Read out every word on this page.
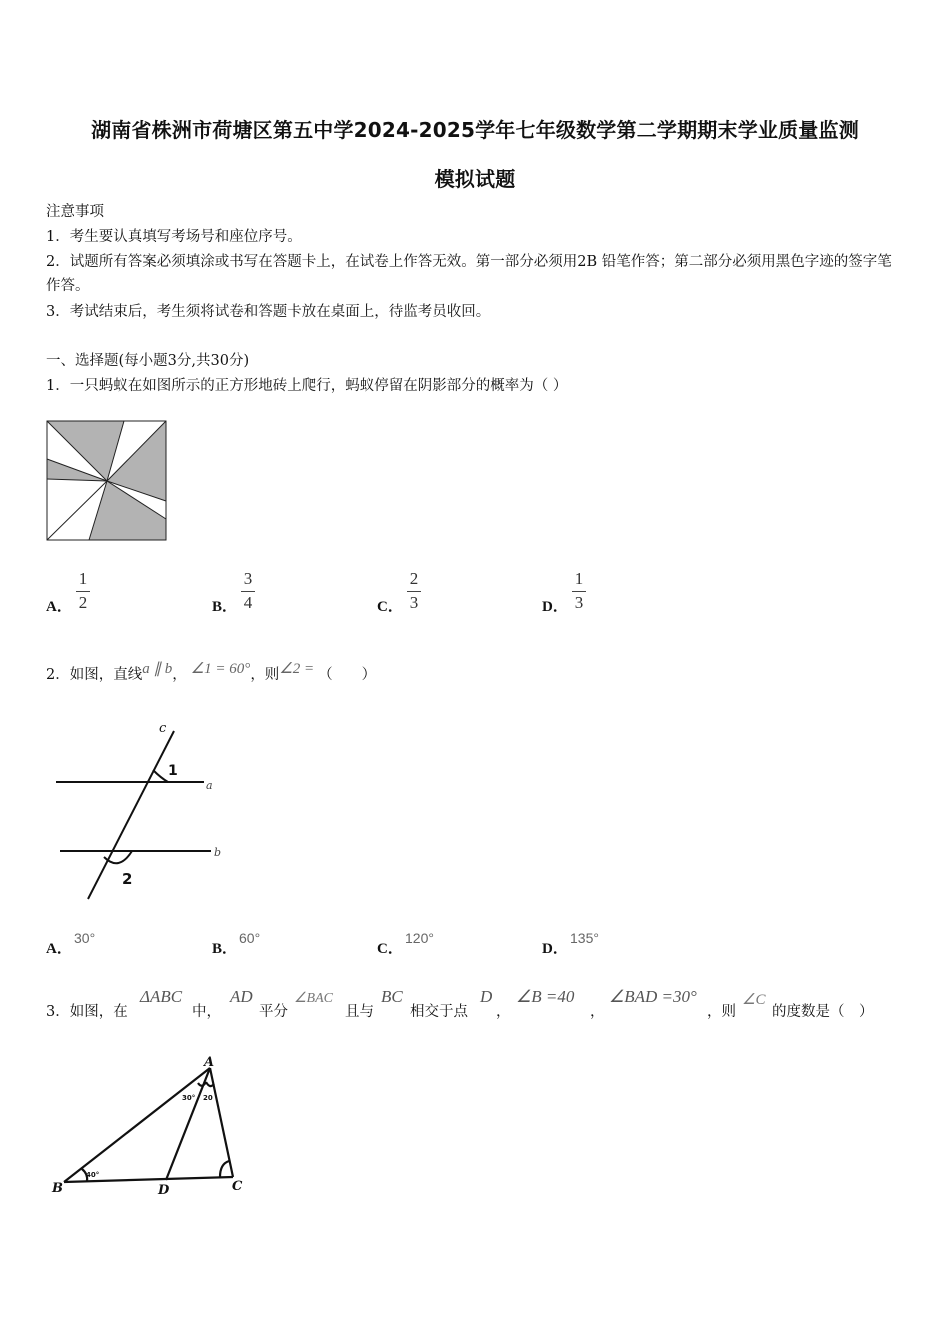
湖南省株洲市荷塘区第五中学2024-2025学年七年级数学第二学期期末学业质量监测
模拟试题
注意事项
1．考生要认真填写考场号和座位序号。
2．试题所有答案必须填涂或书写在答题卡上，在试卷上作答无效。第一部分必须用2B 铅笔作答；第二部分必须用黑色字迹的签字笔作答。
3．考试结束后，考生须将试卷和答题卡放在桌面上，待监考员收回。
一、选择题(每小题3分,共30分)
1．一只蚂蚁在如图所示的正方形地砖上爬行，蚂蚁停留在阴影部分的概率为（ ）
A．
1
2	B．
3
4	C．
2
3	D．
1
3
2．如图，直线a ∥ b， ∠1 = 60°，则∠2 = （　　）
c
a
b
1
2
A．
30°
B．
60°
C．
120°
D．
135°
3．如图，在
ΔABC
中，
AD
平分
∠BAC
且与
BC
相交于点
D
，
∠B =40
，
∠BAD =30°
，则
∠C
的度数是（　）
A
B	D	C
40°
30° 20
